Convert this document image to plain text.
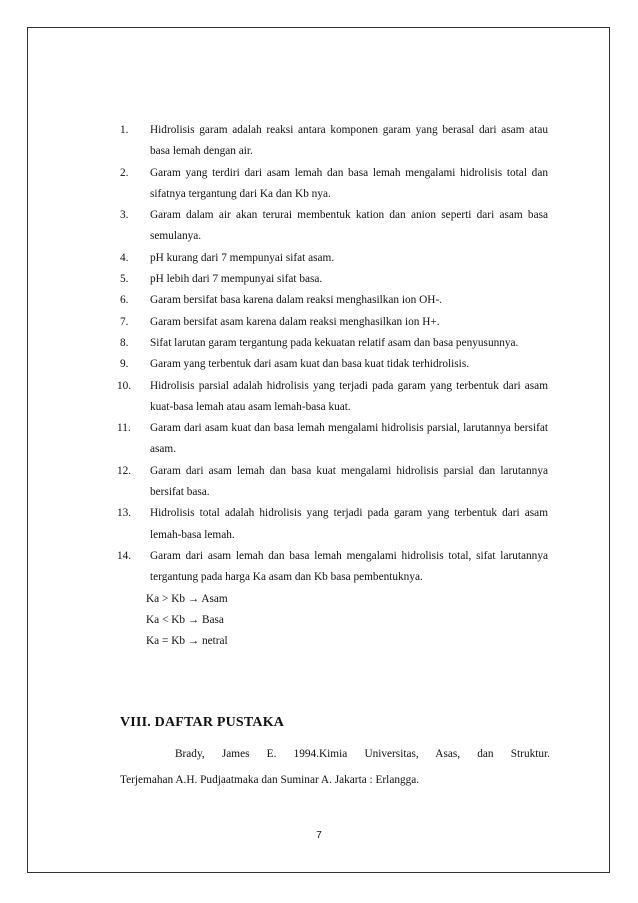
1.	Hidrolisis garam adalah reaksi antara komponen garam yang berasal dari asam atau basa lemah dengan air.
2.	Garam yang terdiri dari asam lemah dan basa lemah mengalami hidrolisis total dan sifatnya tergantung dari Ka dan Kb nya.
3.	Garam dalam air akan terurai membentuk kation dan anion seperti dari asam basa semulanya.
4.	pH kurang dari 7 mempunyai sifat asam.
5.	pH lebih dari 7 mempunyai sifat basa.
6.	Garam bersifat basa karena dalam reaksi menghasilkan ion OH-.
7.	Garam bersifat asam karena dalam reaksi menghasilkan ion H+.
8.	Sifat larutan garam tergantung pada kekuatan relatif asam dan basa penyusunnya.
9.	Garam yang terbentuk dari asam kuat dan basa kuat tidak terhidrolisis.
10.	Hidrolisis parsial adalah hidrolisis yang terjadi pada garam yang terbentuk dari asam kuat-basa lemah atau asam lemah-basa kuat.
11.	Garam dari asam kuat dan basa lemah mengalami hidrolisis parsial, larutannya bersifat asam.
12.	Garam dari asam lemah dan basa kuat mengalami hidrolisis parsial dan larutannya bersifat basa.
13.	Hidrolisis total adalah hidrolisis yang terjadi pada garam yang terbentuk dari asam lemah-basa lemah.
14.	Garam dari asam lemah dan basa lemah mengalami hidrolisis total, sifat larutannya tergantung pada harga Ka asam dan Kb basa pembentuknya.
Ka > Kb → Asam
Ka < Kb → Basa
Ka = Kb → netral
VIII. DAFTAR PUSTAKA
Brady, James E. 1994.Kimia Universitas, Asas, dan Struktur.
Terjemahan A.H. Pudjaatmaka dan Suminar A. Jakarta : Erlangga.
7
